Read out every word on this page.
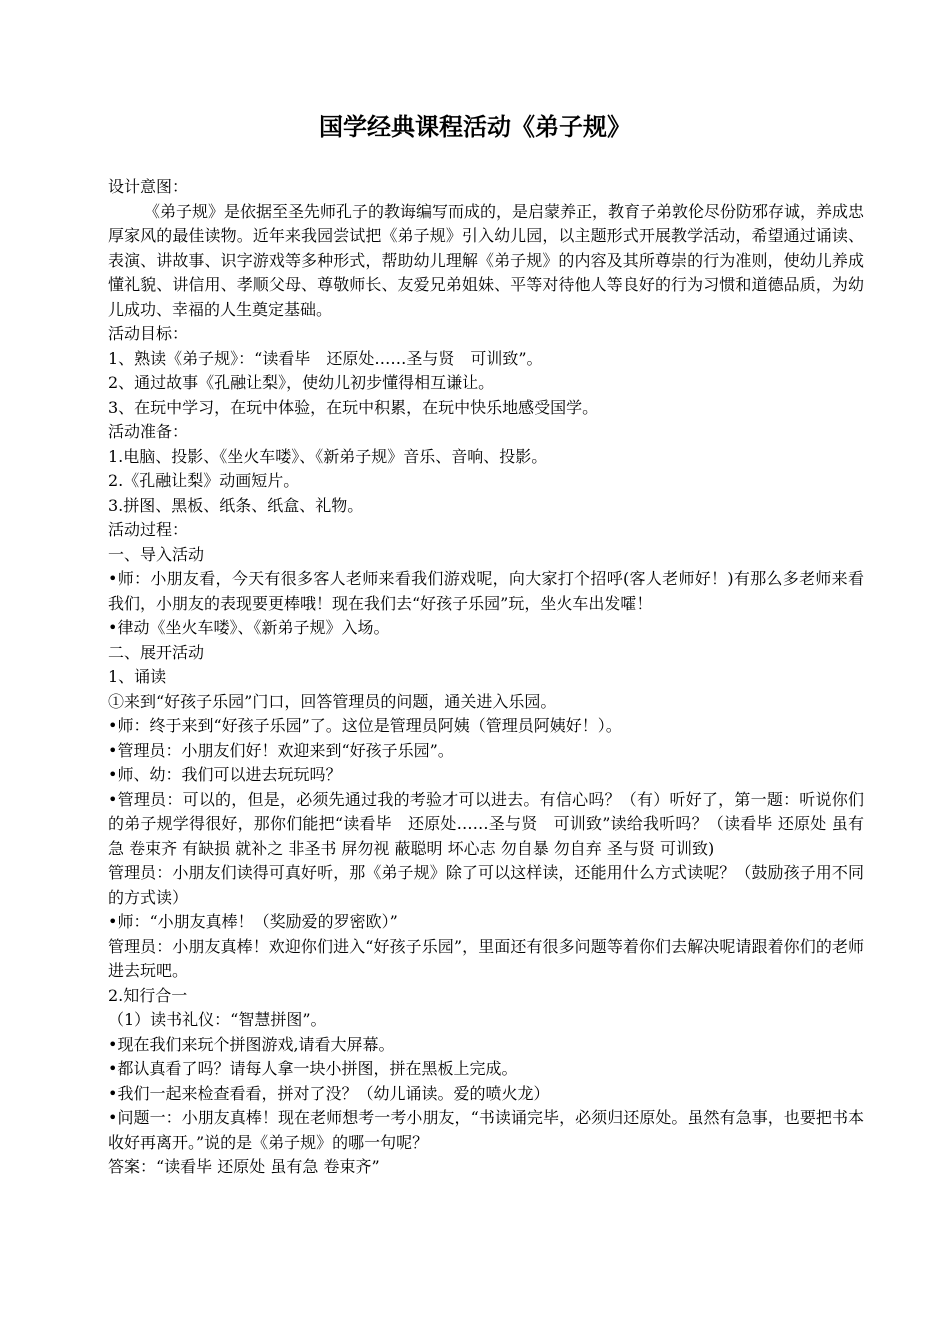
国学经典课程活动《弟子规》

设计意图：

《弟子规》是依据至圣先师孔子的教诲编写而成的，是启蒙养正，教育子弟敦伦尽份防邪存诚，养成忠厚家风的最佳读物。近年来我园尝试把《弟子规》引入幼儿园，以主题形式开展教学活动，希望通过诵读、表演、讲故事、识字游戏等多种形式，帮助幼儿理解《弟子规》的内容及其所尊崇的行为准则，使幼儿养成懂礼貌、讲信用、孝顺父母、尊敬师长、友爱兄弟姐妹、平等对待他人等良好的行为习惯和道德品质，为幼儿成功、幸福的人生奠定基础。

活动目标：

1、熟读《弟子规》：“读看毕　还原处……圣与贤　可训致”。

2、通过故事《孔融让梨》，使幼儿初步懂得相互谦让。

3、在玩中学习，在玩中体验，在玩中积累，在玩中快乐地感受国学。

活动准备：

1.电脑、投影、《坐火车喽》、《新弟子规》音乐、音响、投影。

2.《孔融让梨》动画短片。

3.拼图、黑板、纸条、纸盒、礼物。

活动过程：

一、导入活动

•师：小朋友看，今天有很多客人老师来看我们游戏呢，向大家打个招呼(客人老师好！)有那么多老师来看我们，小朋友的表现要更棒哦！现在我们去“好孩子乐园”玩，坐火车出发嚯！

•律动《坐火车喽》、《新弟子规》入场。

二、展开活动

1、诵读

①来到“好孩子乐园”门口，回答管理员的问题，通关进入乐园。

•师：终于来到“好孩子乐园”了。这位是管理员阿姨（管理员阿姨好！）。

•管理员：小朋友们好！欢迎来到“好孩子乐园”。

•师、幼：我们可以进去玩玩吗？

•管理员：可以的，但是，必须先通过我的考验才可以进去。有信心吗？（有）听好了，第一题：听说你们的弟子规学得很好，那你们能把“读看毕　还原处……圣与贤　可训致”读给我听吗？（读看毕 还原处 虽有急 卷束齐 有缺损 就补之 非圣书 屏勿视 蔽聪明 坏心志 勿自暴 勿自弃 圣与贤 可训致)

管理员：小朋友们读得可真好听，那《弟子规》除了可以这样读，还能用什么方式读呢？（鼓励孩子用不同的方式读）

•师：“小朋友真棒！（奖励爱的罗密欧）”

管理员：小朋友真棒！欢迎你们进入“好孩子乐园”，里面还有很多问题等着你们去解决呢请跟着你们的老师进去玩吧。

2.知行合一

（1）读书礼仪：“智慧拼图”。

•现在我们来玩个拼图游戏,请看大屏幕。

•都认真看了吗？请每人拿一块小拼图，拼在黑板上完成。

•我们一起来检查看看，拼对了没？（幼儿诵读。爱的喷火龙）

•问题一：小朋友真棒！现在老师想考一考小朋友，“书读诵完毕，必须归还原处。虽然有急事，也要把书本收好再离开。”说的是《弟子规》的哪一句呢？

答案：“读看毕 还原处 虽有急 卷束齐”
